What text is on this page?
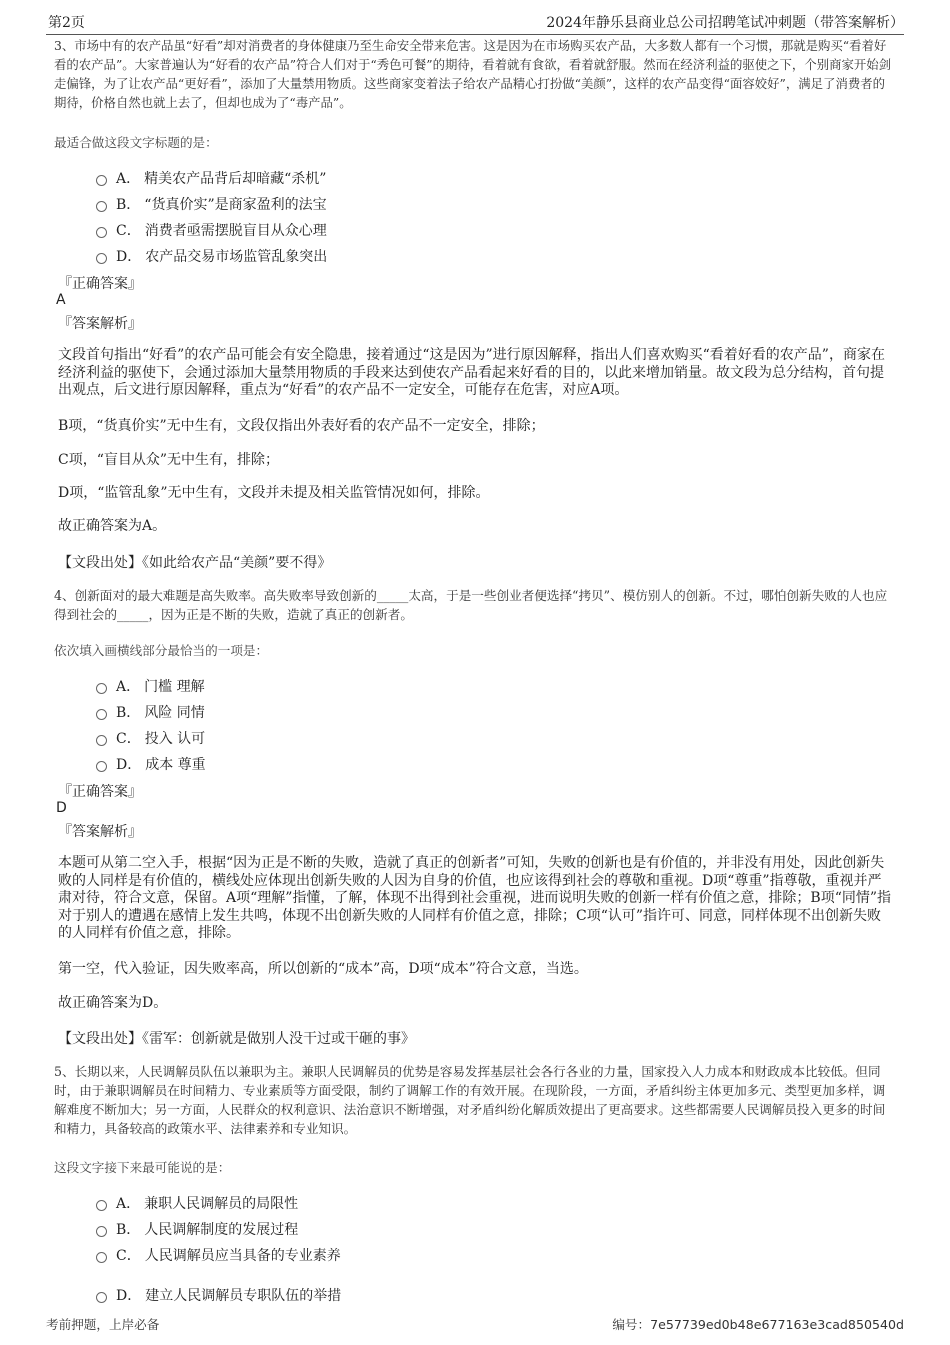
第2页	2024年静乐县商业总公司招聘笔试冲刺题（带答案解析）
3、市场中有的农产品虽“好看”却对消费者的身体健康乃至生命安全带来危害。这是因为在市场购买农产品，大多数人都有一个习惯，那就是购买“看着好看的农产品”。大家普遍认为“好看的农产品”符合人们对于“秀色可餐”的期待，看着就有食欲，看着就舒服。然而在经济利益的驱使之下，个别商家开始剑走偏锋，为了让农产品“更好看”，添加了大量禁用物质。这些商家变着法子给农产品精心打扮做“美颜”，这样的农产品变得“面容姣好”，满足了消费者的期待，价格自然也就上去了，但却也成为了“毒产品”。
最适合做这段文字标题的是：
A． 精美农产品背后却暗藏“杀机”
B． “货真价实”是商家盈利的法宝
C． 消费者亟需摆脱盲目从众心理
D． 农产品交易市场监管乱象突出
『正确答案』
A
『答案解析』
文段首句指出“好看”的农产品可能会有安全隐患，接着通过“这是因为”进行原因解释，指出人们喜欢购买“看着好看的农产品”，商家在经济利益的驱使下，会通过添加大量禁用物质的手段来达到使农产品看起来好看的目的，以此来增加销量。故文段为总分结构，首句提出观点，后文进行原因解释，重点为“好看”的农产品不一定安全，可能存在危害，对应A项。
B项，“货真价实”无中生有，文段仅指出外表好看的农产品不一定安全，排除；
C项，“盲目从众”无中生有，排除；
D项，“监管乱象”无中生有，文段并未提及相关监管情况如何，排除。
故正确答案为A。
【文段出处】《如此给农产品“美颜”要不得》
4、创新面对的最大难题是高失败率。高失败率导致创新的_____太高，于是一些创业者便选择“拷贝”、模仿别人的创新。不过，哪怕创新失败的人也应得到社会的_____，因为正是不断的失败，造就了真正的创新者。
依次填入画横线部分最恰当的一项是：
A． 门槛 理解
B． 风险 同情
C． 投入 认可
D． 成本 尊重
『正确答案』
D
『答案解析』
本题可从第二空入手，根据“因为正是不断的失败，造就了真正的创新者”可知，失败的创新也是有价值的，并非没有用处，因此创新失败的人同样是有价值的，横线处应体现出创新失败的人因为自身的价值，也应该得到社会的尊敬和重视。D项“尊重”指尊敬，重视并严肃对待，符合文意，保留。A项“理解”指懂，了解，体现不出得到社会重视，进而说明失败的创新一样有价值之意，排除；B项“同情”指对于别人的遭遇在感情上发生共鸣，体现不出创新失败的人同样有价值之意，排除；C项“认可”指许可、同意，同样体现不出创新失败的人同样有价值之意，排除。
第一空，代入验证，因失败率高，所以创新的“成本”高，D项“成本”符合文意，当选。
故正确答案为D。
【文段出处】《雷军：创新就是做别人没干过或干砸的事》
5、长期以来，人民调解员队伍以兼职为主。兼职人民调解员的优势是容易发挥基层社会各行各业的力量，国家投入人力成本和财政成本比较低。但同时，由于兼职调解员在时间精力、专业素质等方面受限，制约了调解工作的有效开展。在现阶段，一方面，矛盾纠纷主体更加多元、类型更加多样，调解难度不断加大；另一方面，人民群众的权利意识、法治意识不断增强，对矛盾纠纷化解质效提出了更高要求。这些都需要人民调解员投入更多的时间和精力，具备较高的政策水平、法律素养和专业知识。
这段文字接下来最可能说的是：
A． 兼职人民调解员的局限性
B． 人民调解制度的发展过程
C． 人民调解员应当具备的专业素养
D． 建立人民调解员专职队伍的举措
考前押题，上岸必备	编号：7e57739ed0b48e677163e3cad850540d
